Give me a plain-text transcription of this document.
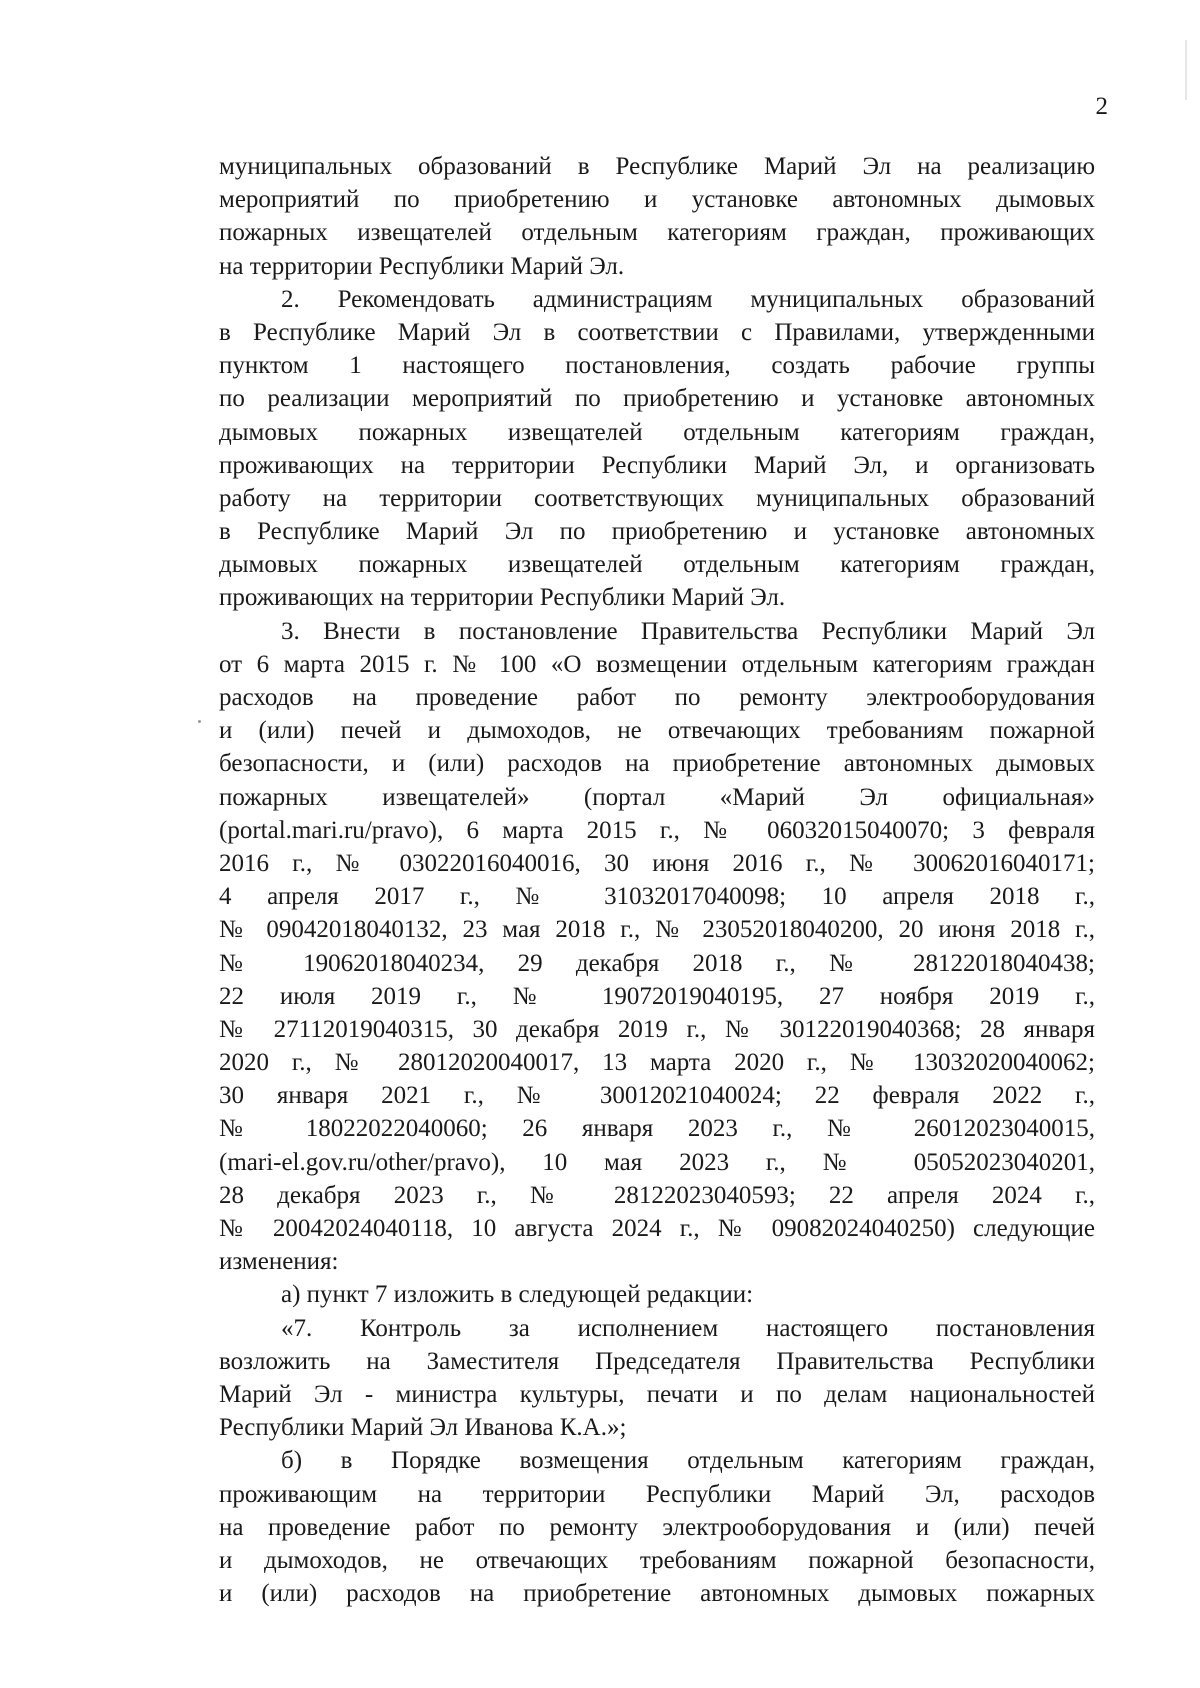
2
муниципальных образований в Республике Марий Эл на реализацию
мероприятий по приобретению и установке автономных дымовых
пожарных извещателей отдельным категориям граждан, проживающих
на территории Республики Марий Эл.
2. Рекомендовать администрациям муниципальных образований
в Республике Марий Эл в соответствии с Правилами, утвержденными
пунктом 1 настоящего постановления, создать рабочие группы
по реализации мероприятий по приобретению и установке автономных
дымовых пожарных извещателей отдельным категориям граждан,
проживающих на территории Республики Марий Эл, и организовать
работу на территории соответствующих муниципальных образований
в Республике Марий Эл по приобретению и установке автономных
дымовых пожарных извещателей отдельным категориям граждан,
проживающих на территории Республики Марий Эл.
3. Внести в постановление Правительства Республики Марий Эл
от 6 марта 2015 г. № 100 «О возмещении отдельным категориям граждан
расходов на проведение работ по ремонту электрооборудования
и (или) печей и дымоходов, не отвечающих требованиям пожарной
безопасности, и (или) расходов на приобретение автономных дымовых
пожарных извещателей» (портал «Марий Эл официальная»
(portal.mari.ru/pravo), 6 марта 2015 г., № 06032015040070; 3 февраля
2016 г., № 03022016040016, 30 июня 2016 г., № 30062016040171;
4 апреля 2017 г., № 31032017040098; 10 апреля 2018 г.,
№ 09042018040132, 23 мая 2018 г., № 23052018040200, 20 июня 2018 г.,
№ 19062018040234, 29 декабря 2018 г., № 28122018040438;
22 июля 2019 г., № 19072019040195, 27 ноября 2019 г.,
№ 27112019040315, 30 декабря 2019 г., № 30122019040368; 28 января
2020 г., № 28012020040017, 13 марта 2020 г., № 13032020040062;
30 января 2021 г., № 30012021040024; 22 февраля 2022 г.,
№ 18022022040060; 26 января 2023 г., № 26012023040015,
(mari-el.gov.ru/other/pravo), 10 мая 2023 г., № 05052023040201,
28 декабря 2023 г., № 28122023040593; 22 апреля 2024 г.,
№ 20042024040118, 10 августа 2024 г., № 09082024040250) следующие
изменения:
а) пункт 7 изложить в следующей редакции:
«7. Контроль за исполнением настоящего постановления
возложить на Заместителя Председателя Правительства Республики
Марий Эл - министра культуры, печати и по делам национальностей
Республики Марий Эл Иванова К.А.»;
б) в Порядке возмещения отдельным категориям граждан,
проживающим на территории Республики Марий Эл, расходов
на проведение работ по ремонту электрооборудования и (или) печей
и дымоходов, не отвечающих требованиям пожарной безопасности,
и (или) расходов на приобретение автономных дымовых пожарных
